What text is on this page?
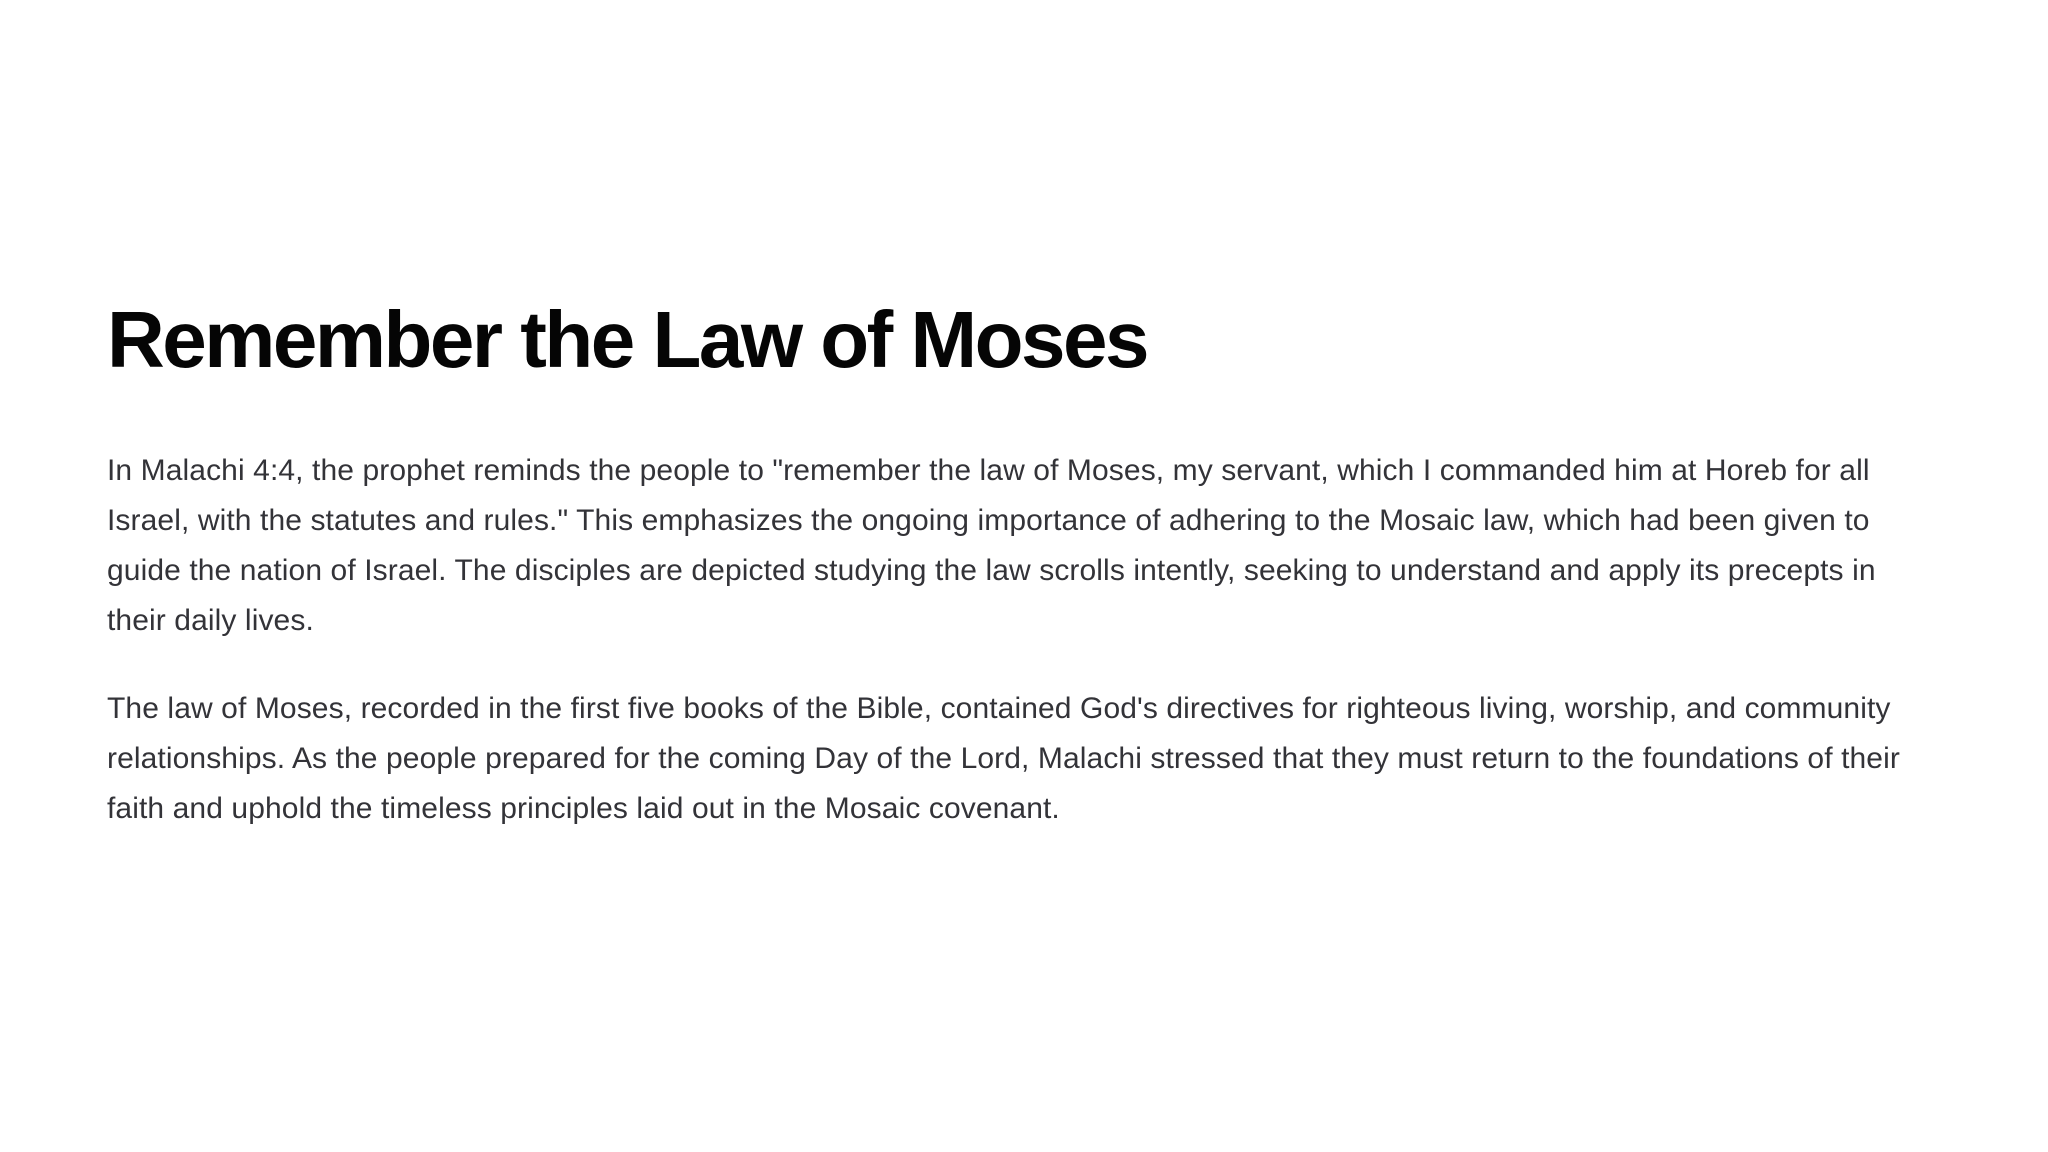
Remember the Law of Moses

In Malachi 4:4, the prophet reminds the people to "remember the law of Moses, my servant, which I commanded him at Horeb for all Israel, with the statutes and rules." This emphasizes the ongoing importance of adhering to the Mosaic law, which had been given to guide the nation of Israel. The disciples are depicted studying the law scrolls intently, seeking to understand and apply its precepts in their daily lives.

The law of Moses, recorded in the first five books of the Bible, contained God's directives for righteous living, worship, and community relationships. As the people prepared for the coming Day of the Lord, Malachi stressed that they must return to the foundations of their faith and uphold the timeless principles laid out in the Mosaic covenant.
